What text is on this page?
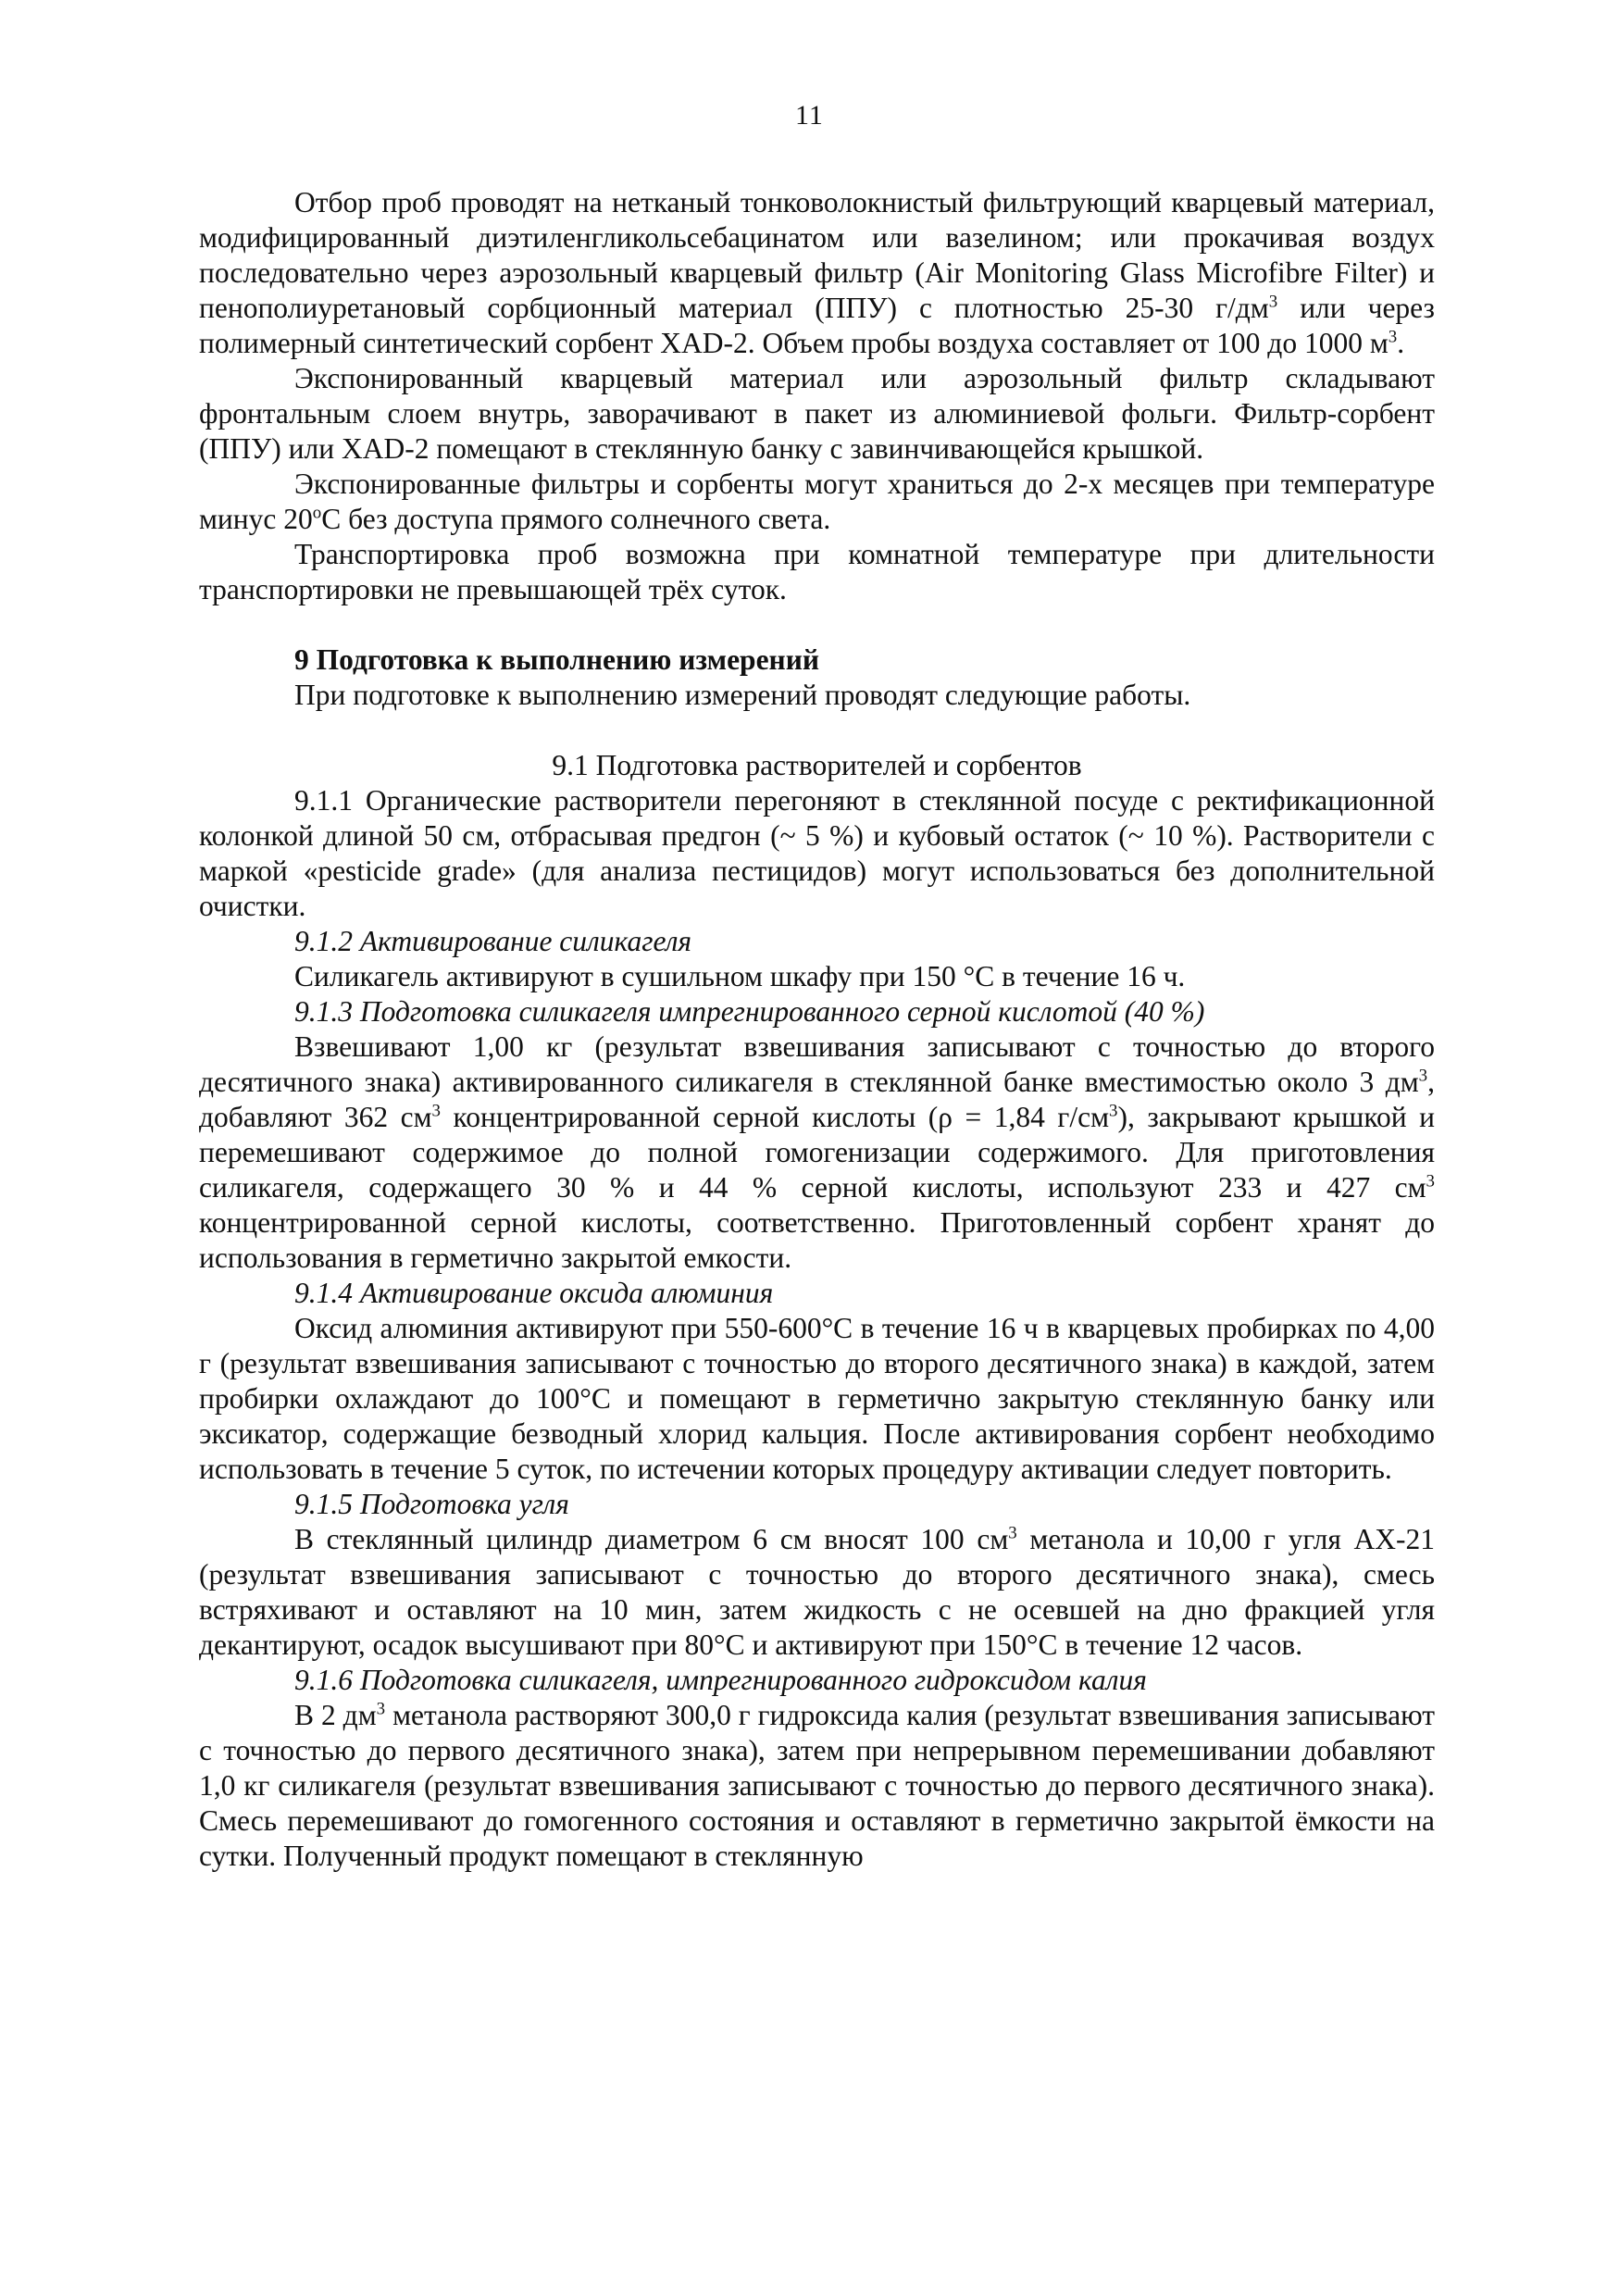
11

Отбор проб проводят на нетканый тонковолокнистый фильтрующий кварцевый материал, модифицированный диэтиленгликольсебацинатом или вазелином; или прокачивая воздух последовательно через аэрозольный кварцевый фильтр (Air Monitoring Glass Microfibre Filter) и пенополиуретановый сорбционный материал (ППУ) с плотностью 25-30 $г/дм^3$ или через полимерный синтетический сорбент ХAD-2. Объем пробы воздуха составляет от 100 до 1000 $м^3$.

Экспонированный кварцевый материал или аэрозольный фильтр складывают фронтальным слоем внутрь, заворачивают в пакет из алюминиевой фольги. Фильтр-сорбент (ППУ) или ХAD-2 помещают в стеклянную банку с завинчивающейся крышкой.

Экспонированные фильтры и сорбенты могут храниться до 2-х месяцев при температуре минус 20$^o$С без доступа прямого солнечного света.

Транспортировка проб возможна при комнатной температуре при длительности транспортировки не превышающей трёх суток.

9 Подготовка к выполнению измерений

При подготовке к выполнению измерений проводят следующие работы.

9.1 Подготовка растворителей и сорбентов

9.1.1 Органические растворители перегоняют в стеклянной посуде с ректификационной колонкой длиной 50 см, отбрасывая предгон (~ 5 %) и кубовый остаток (~ 10 %). Растворители с маркой «pesticide grade» (для анализа пестицидов) могут использоваться без дополнительной очистки.

9.1.2 Активирование силикагеля

Силикагель активируют в сушильном шкафу при 150 °С в течение 16 ч.

9.1.3 Подготовка силикагеля импрегнированного серной кислотой (40 %)

Взвешивают 1,00 кг (результат взвешивания записывают с точностью до второго десятичного знака) активированного силикагеля в стеклянной банке вместимостью около 3 $дм^3$, добавляют 362 $см^3$ концентрированной серной кислоты (ρ = 1,84 $г/см^3$), закрывают крышкой и перемешивают содержимое до полной гомогенизации содержимого. Для приготовления силикагеля, содержащего 30 % и 44 % серной кислоты, используют 233 и 427 $см^3$ концентрированной серной кислоты, соответственно. Приготовленный сорбент хранят до использования в герметично закрытой емкости.

9.1.4 Активирование оксида алюминия

Оксид алюминия активируют при 550-600°С в течение 16 ч в кварцевых пробирках по 4,00 г (результат взвешивания записывают с точностью до второго десятичного знака) в каждой, затем пробирки охлаждают до 100°С и помещают в герметично закрытую стеклянную банку или эксикатор, содержащие безводный хлорид кальция. После активирования сорбент необходимо использовать в течение 5 суток, по истечении которых процедуру активации следует повторить.

9.1.5 Подготовка угля

В стеклянный цилиндр диаметром 6 см вносят 100 $см^3$ метанола и 10,00 г угля АХ-21 (результат взвешивания записывают с точностью до второго десятичного знака), смесь встряхивают и оставляют на 10 мин, затем жидкость с не осевшей на дно фракцией угля декантируют, осадок высушивают при 80°С и активируют при 150°С в течение 12 часов.

9.1.6 Подготовка силикагеля, импрегнированного гидроксидом калия

В 2 $дм^3$ метанола растворяют 300,0 г гидроксида калия (результат взвешивания записывают с точностью до первого десятичного знака), затем при непрерывном перемешивании добавляют 1,0 кг силикагеля (результат взвешивания записывают с точностью до первого десятичного знака). Смесь перемешивают до гомогенного состояния и оставляют в герметично закрытой ёмкости на сутки. Полученный продукт помещают в стеклянную
